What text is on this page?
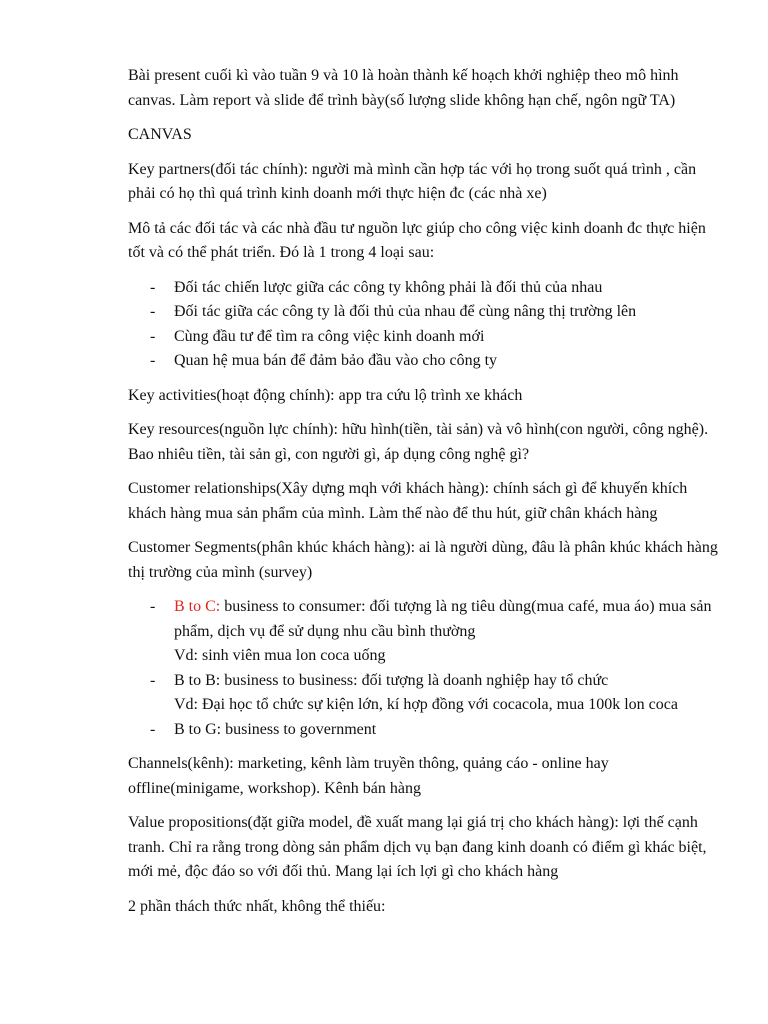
Bài present cuối kì vào tuần 9 và 10 là hoàn thành kế hoạch khởi nghiệp theo mô hình canvas. Làm report và slide để trình bày(số lượng slide không hạn chế, ngôn ngữ TA)

CANVAS

Key partners(đối tác chính): người mà mình cần hợp tác với họ trong suốt quá trình , cần phải có họ thì quá trình kinh doanh mới thực hiện đc (các nhà xe)

Mô tả các đối tác và các nhà đầu tư nguồn lực giúp cho công việc kinh doanh đc thực hiện tốt và có thể phát triển. Đó là 1 trong 4 loại sau:

- Đối tác chiến lược giữa các công ty không phải là đối thủ của nhau
- Đối tác giữa các công ty là đối thủ của nhau để cùng nâng thị trường lên
- Cùng đầu tư để tìm ra công việc kinh doanh mới
- Quan hệ mua bán để đảm bảo đầu vào cho công ty

Key activities(hoạt động chính): app tra cứu lộ trình xe khách

Key resources(nguồn lực chính): hữu hình(tiền, tài sản) và vô hình(con người, công nghệ). Bao nhiêu tiền, tài sản gì, con người gì, áp dụng công nghệ gì?

Customer relationships(Xây dựng mqh với khách hàng): chính sách gì để khuyến khích khách hàng mua sản phẩm của mình. Làm thế nào để thu hút, giữ chân khách hàng

Customer Segments(phân khúc khách hàng): ai là người dùng, đâu là phân khúc khách hàng thị trường của mình (survey)

- B to C: business to consumer: đối tượng là ng tiêu dùng(mua café, mua áo) mua sản phẩm, dịch vụ để sử dụng nhu cầu bình thường
Vd: sinh viên mua lon coca uống
- B to B: business to business: đối tượng là doanh nghiệp hay tổ chức
Vd: Đại học tổ chức sự kiện lớn, kí hợp đồng với cocacola, mua 100k lon coca
- B to G: business to government

Channels(kênh): marketing, kênh làm truyền thông, quảng cáo - online hay offline(minigame, workshop). Kênh bán hàng

Value propositions(đặt giữa model, đề xuất mang lại giá trị cho khách hàng): lợi thế cạnh tranh. Chỉ ra rằng trong dòng sản phẩm dịch vụ bạn đang kinh doanh có điểm gì khác biệt, mới mẻ, độc đáo so với đối thủ. Mang lại ích lợi gì cho khách hàng

2 phần thách thức nhất, không thể thiếu:
